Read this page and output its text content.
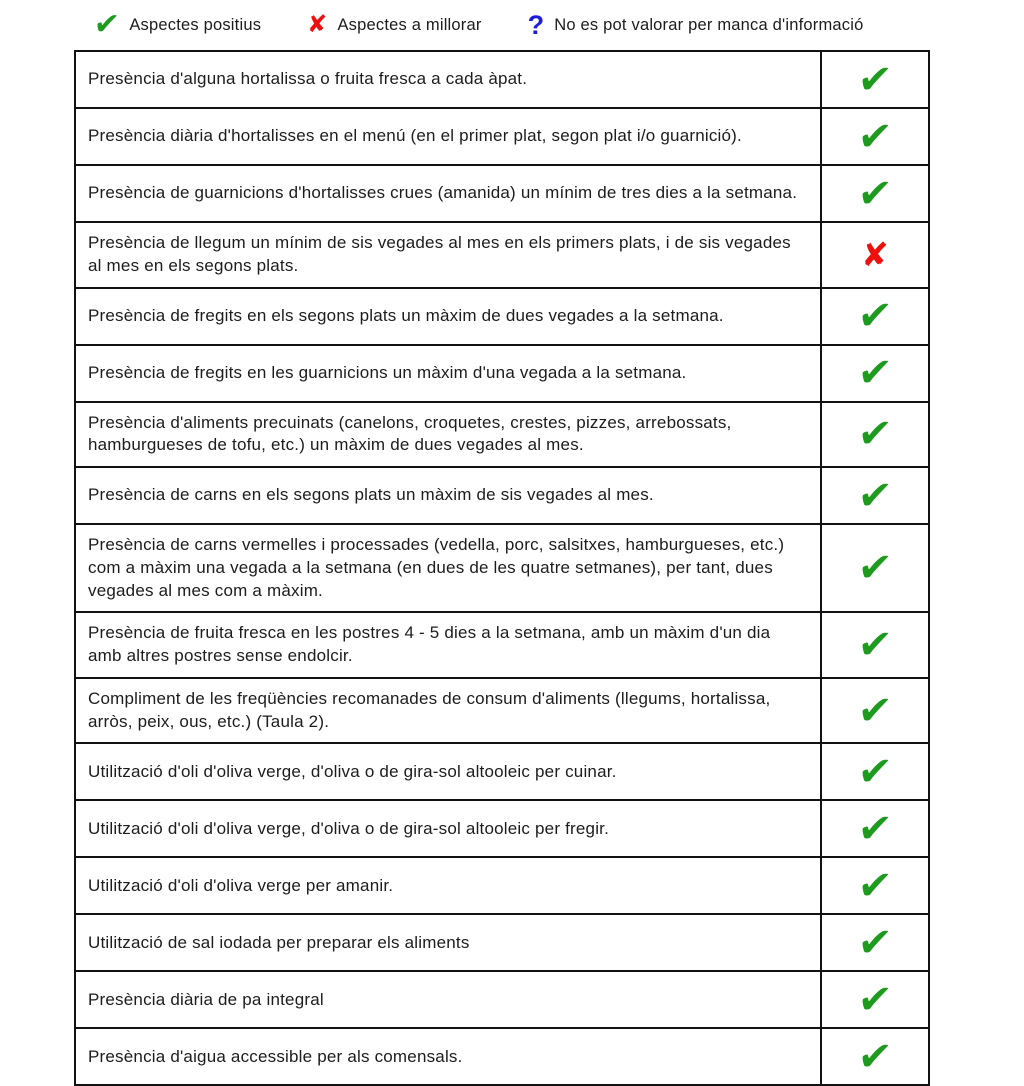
✔ Aspectes positius ✘ Aspectes a millorar ? No es pot valorar per manca d'informació
Presència d'alguna hortalissa o fruita fresca a cada àpat.	✔
Presència diària d'hortalisses en el menú (en el primer plat, segon plat i/o guarnició).	✔
Presència de guarnicions d'hortalisses crues (amanida) un mínim de tres dies a la setmana.	✔
Presència de llegum un mínim de sis vegades al mes en els primers plats, i de sis vegades al mes en els segons plats.	✘
Presència de fregits en els segons plats un màxim de dues vegades a la setmana.	✔
Presència de fregits en les guarnicions un màxim d'una vegada a la setmana.	✔
Presència d'aliments precuinats (canelons, croquetes, crestes, pizzes, arrebossats, hamburgueses de tofu, etc.) un màxim de dues vegades al mes.	✔
Presència de carns en els segons plats un màxim de sis vegades al mes.	✔
Presència de carns vermelles i processades (vedella, porc, salsitxes, hamburgueses, etc.) com a màxim una vegada a la setmana (en dues de les quatre setmanes), per tant, dues vegades al mes com a màxim.	✔
Presència de fruita fresca en les postres 4 - 5 dies a la setmana, amb un màxim d'un dia amb altres postres sense endolcir.	✔
Compliment de les freqüències recomanades de consum d'aliments (llegums, hortalissa, arròs, peix, ous, etc.) (Taula 2).	✔
Utilització d'oli d'oliva verge, d'oliva o de gira-sol altooleic per cuinar.	✔
Utilització d'oli d'oliva verge, d'oliva o de gira-sol altooleic per fregir.	✔
Utilització d'oli d'oliva verge per amanir.	✔
Utilització de sal iodada per preparar els aliments	✔
Presència diària de pa integral	✔
Presència d'aigua accessible per als comensals.	✔
